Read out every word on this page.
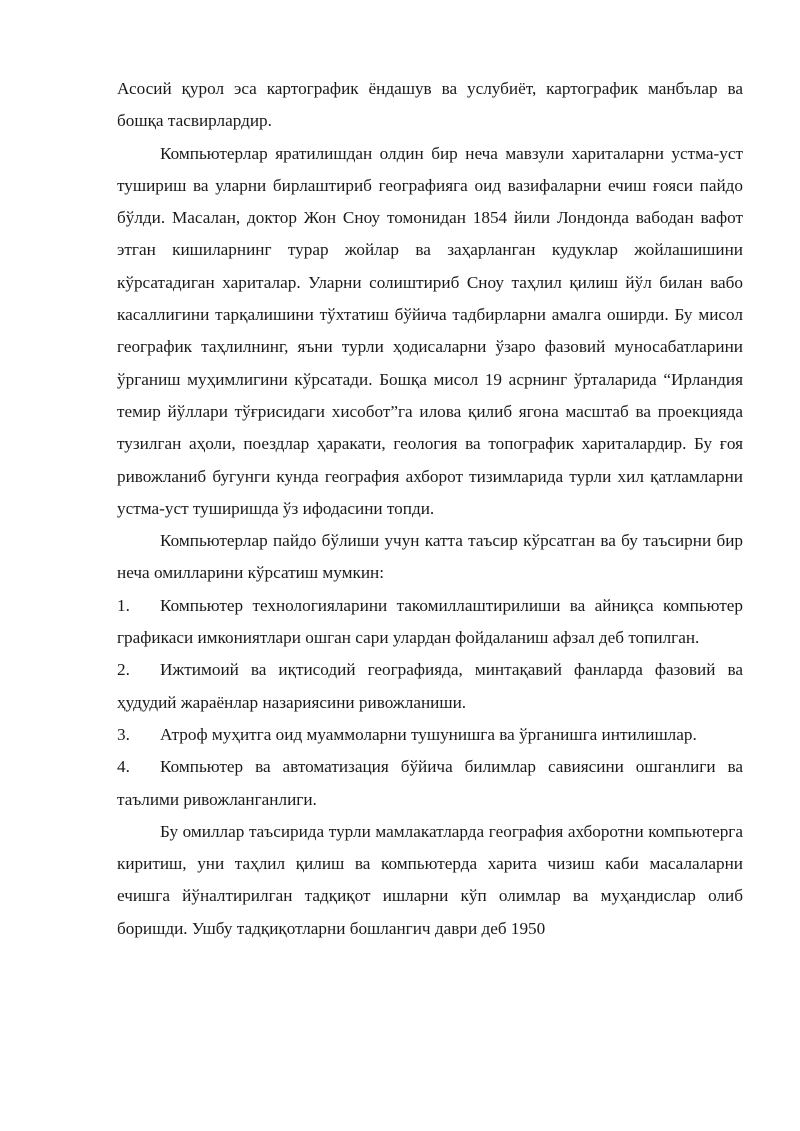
Асосий қурол эса картографик ёндашув ва услубиёт, картографик манбълар ва бошқа тасвирлардир.

Компьютерлар яратилишдан олдин бир неча мавзули хариталарни устма-уст тушириш ва уларни бирлаштириб географияга оид вазифаларни ечиш ғояси пайдо бўлди. Масалан, доктор Жон Сноу томонидан 1854 йили Лондонда вабодан вафот этган кишиларнинг турар жойлар ва заҳарланган кудуклар жойлашишини кўрсатадиган хариталар. Уларни солиштириб Сноу таҳлил қилиш йўл билан вабо касаллигини тарқалишини тўхтатиш бўйича тадбирларни амалга оширди. Бу мисол географик таҳлилнинг, яъни турли ҳодисаларни ўзаро фазовий муносабатларини ўрганиш муҳимлигини кўрсатади. Бошқа мисол 19 асрнинг ўрталарида “Ирландия темир йўллари тўғрисидаги хисобот”га илова қилиб ягона масштаб ва проекцияда тузилган аҳоли, поездлар ҳаракати, геология ва топографик хариталардир. Бу ғоя ривожланиб бугунги кунда география ахборот тизимларида турли хил қатламларни устма-уст туширишда ўз ифодасини топди.

Компьютерлар пайдо бўлиши учун катта таъсир кўрсатган ва бу таъсирни бир неча омилларини кўрсатиш мумкин:

1. Компьютер технологияларини такомиллаштирилиши ва айниқса компьютер графикаси имкониятлари ошган сари улардан фойдаланиш афзал деб топилган.

2. Ижтимоий ва иқтисодий географияда, минтақавий фанларда фазовий ва ҳудудий жараёнлар назариясини ривожланиши.

3. Атроф муҳитга оид муаммоларни тушунишга ва ўрганишга интилишлар.

4. Компьютер ва автоматизация бўйича билимлар савиясини ошганлиги ва таълими ривожланганлиги.

Бу омиллар таъсирида турли мамлакатларда география ахборотни компьютерга киритиш, уни таҳлил қилиш ва компьютерда харита чизиш каби масалаларни ечишга йўналтирилган тадқиқот ишларни кўп олимлар ва муҳандислар олиб боришди. Ушбу тадқиқотларни бошлангич даври деб 1950
